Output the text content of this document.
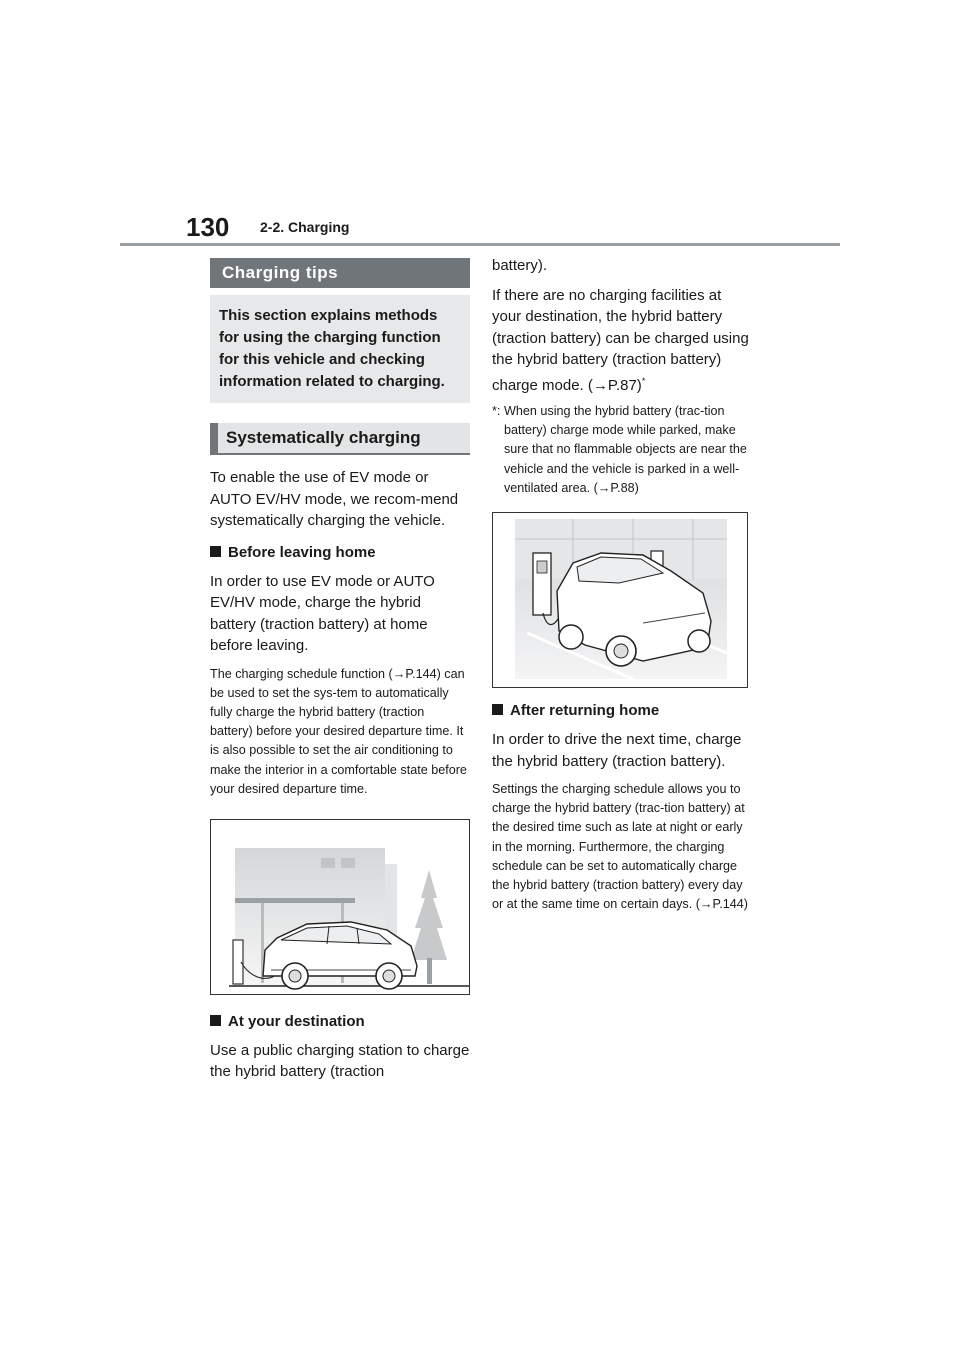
130 2-2. Charging
Charging tips
This section explains methods for using the charging function for this vehicle and checking information related to charging.
Systematically charging

To enable the use of EV mode or AUTO EV/HV mode, we recom-mend systematically charging the vehicle.

Before leaving home

In order to use EV mode or AUTO EV/HV mode, charge the hybrid battery (traction battery) at home before leaving.

The charging schedule function (→P.144) can be used to set the sys-tem to automatically fully charge the hybrid battery (traction battery) before your desired departure time. It is also possible to set the air conditioning to make the interior in a comfortable state before your desired departure time.

At your destination

Use a public charging station to charge the hybrid battery (traction

battery).

If there are no charging facilities at your destination, the hybrid battery (traction battery) can be charged using the hybrid battery (traction battery) charge mode. (→P.87)*

*: When using the hybrid battery (trac-tion battery) charge mode while parked, make sure that no flammable objects are near the vehicle and the vehicle is parked in a well-ventilated area. (→P.88)

After returning home

In order to drive the next time, charge the hybrid battery (traction battery).

Settings the charging schedule allows you to charge the hybrid battery (trac-tion battery) at the desired time such as late at night or early in the morning. Furthermore, the charging schedule can be set to automatically charge the hybrid battery (traction battery) every day or at the same time on certain days. (→P.144)
